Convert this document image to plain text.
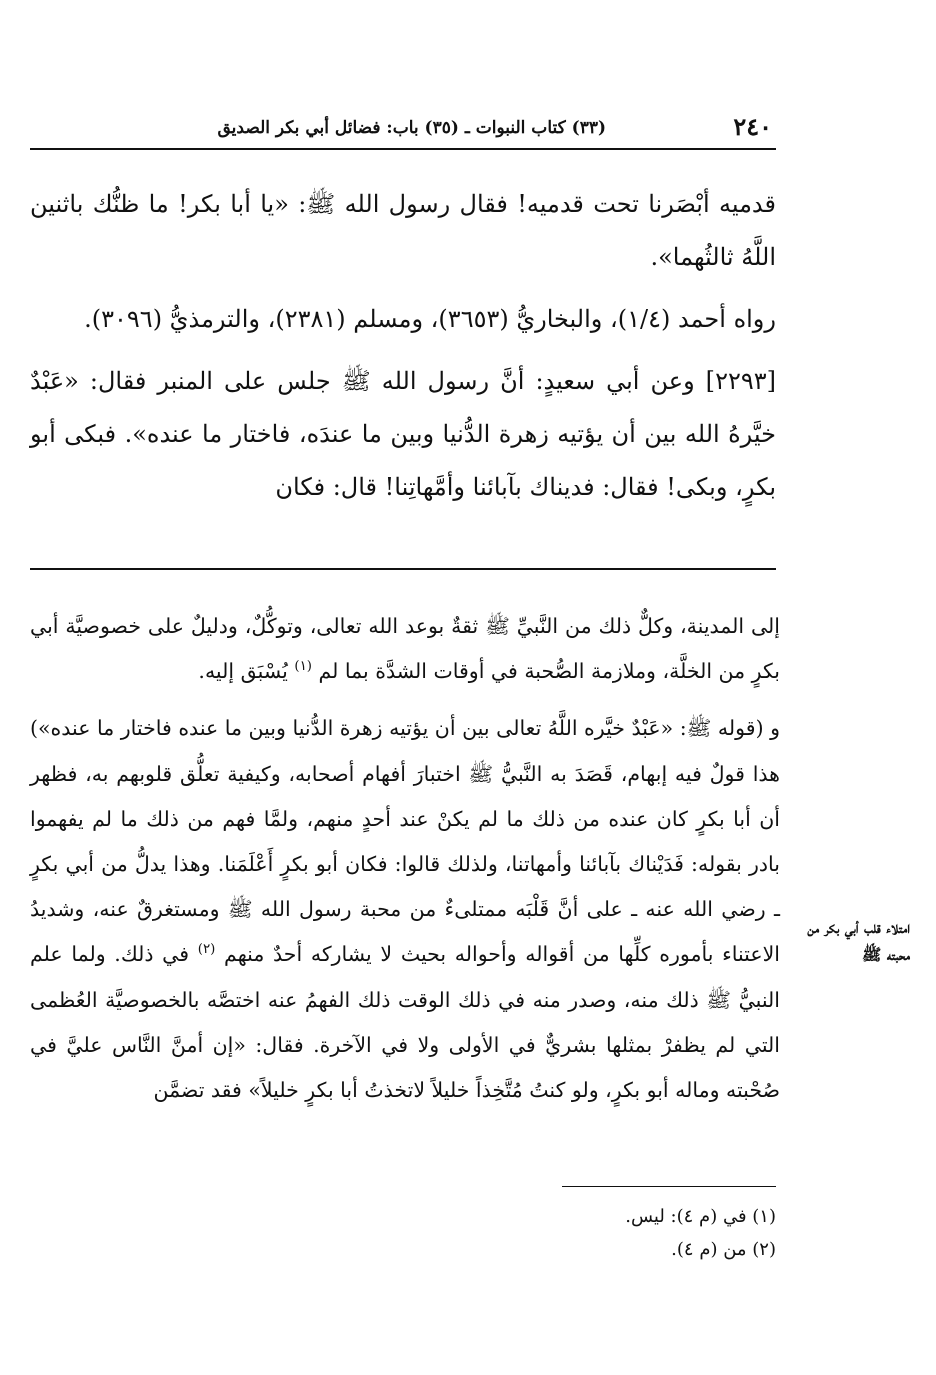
٢٤٠
(٣٣) كتاب النبوات ـ (٣٥) باب: فضائل أبي بكر الصديق

قدميه أبْصَرنا تحت قدميه! فقال رسول الله ﷺ: «يا أبا بكر! ما ظنُّك باثنين اللَّهُ ثالثُهما».

رواه أحمد (١/٤)، والبخاريُّ (٣٦٥٣)، ومسلم (٢٣٨١)، والترمذيُّ (٣٠٩٦).

[٢٢٩٣] وعن أبي سعيدٍ: أنَّ رسول الله ﷺ جلس على المنبر فقال: «عَبْدٌ خيَّرهُ الله بين أن يؤتيه زهرة الدُّنيا وبين ما عندَه، فاختار ما عنده». فبكى أبو بكرٍ، وبكى! فقال: فديناك بآبائنا وأمَّهاتِنا! قال: فكان

إلى المدينة، وكلٌّ ذلك من النَّبيِّ ﷺ ثقةٌ بوعد الله تعالى، وتوكُّلٌ، ودليلٌ على خصوصيَّة أبي بكرٍ من الخلَّة، وملازمة الصُّحبة في أوقات الشدَّة بما لم $^{(١)}$ يُسْبَق إليه.

و (قوله ﷺ: «عَبْدٌ خيَّره اللَّهُ تعالى بين أن يؤتيه زهرة الدُّنيا وبين ما عنده فاختار ما عنده») هذا قولٌ فيه إبهام، قَصَدَ به النَّبيُّ ﷺ اختبارَ أفهام أصحابه، وكيفية تعلُّق قلوبهم به، فظهر أن أبا بكرٍ كان عنده من ذلك ما لم يكنْ عند أحدٍ منهم، ولمَّا فهم من ذلك ما لم يفهموا بادر بقوله: فَدَيْناك بآبائنا وأمهاتنا، ولذلك قالوا: فكان أبو بكرٍ أَعْلَمَنا. وهذا يدلُّ من أبي بكرٍ ـ رضي الله عنه ـ على أنَّ قَلْبَه ممتلىءٌ من محبة رسول الله ﷺ ومستغرقٌ عنه، وشديدُ الاعتناء بأموره كلِّها من أقواله وأحواله بحيث لا يشاركه أحدٌ منهم $^{(٢)}$ في ذلك. ولما علم النبيُّ ﷺ ذلك منه، وصدر منه في ذلك الوقت ذلك الفهمُ عنه اختصَّه بالخصوصيَّة العُظمى التي لم يظفرْ بمثلها بشريٌّ في الأولى ولا في الآخرة. فقال: «إن أمنَّ النَّاس عليَّ في صُحْبته وماله أبو بكرٍ، ولو كنتُ مُتَّخِذاً خليلاً لاتخذتُ أبا بكرٍ خليلاً» فقد تضمَّن

امتلاء قلب أبي بكر من محبته ﷺ
(١) في (م ٤): ليس.
(٢) من (م ٤).
